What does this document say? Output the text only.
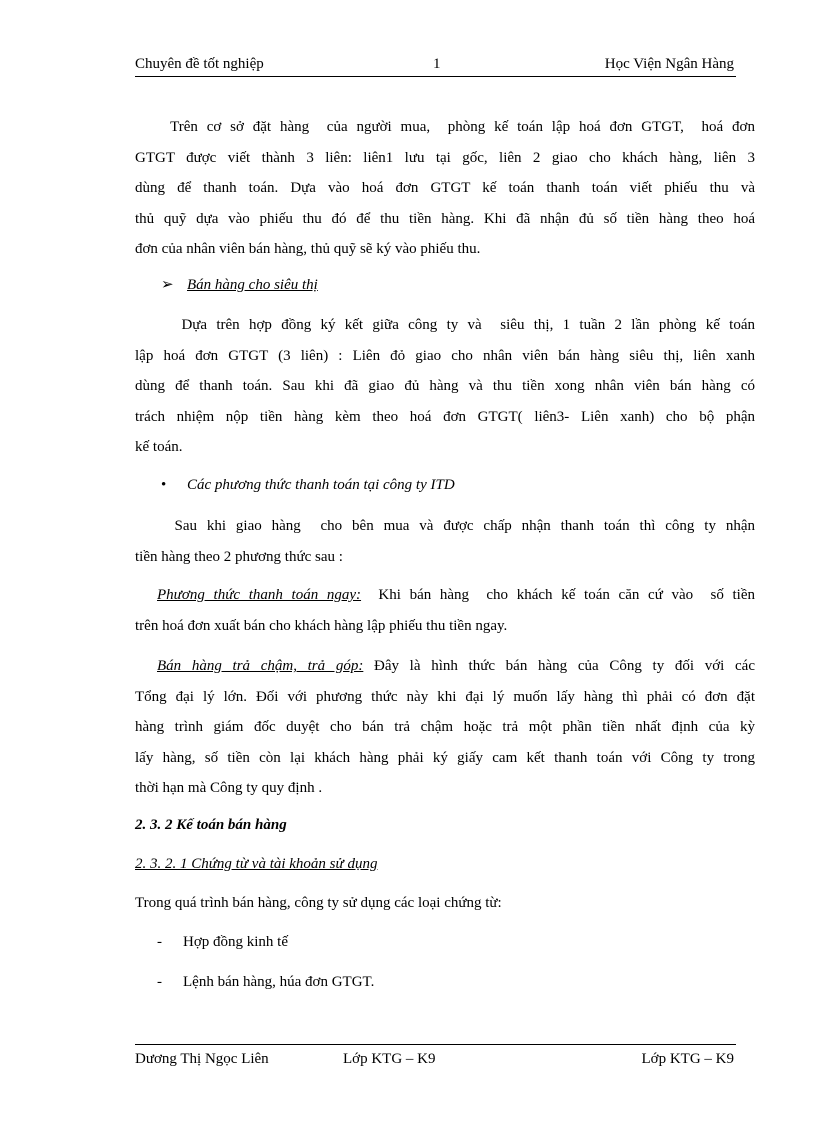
Chuyên đề tốt nghiệp	1	Học Viện Ngân Hàng
Trên cơ sở đặt hàng  của người mua,  phòng kế toán lập hoá đơn GTGT,  hoá đơn
GTGT được viết thành 3 liên: liên1 lưu tại gốc, liên 2 giao cho khách hàng, liên 3
dùng để thanh toán. Dựa vào hoá đơn GTGT kế toán thanh toán viết phiếu thu và
thủ quỹ dựa vào phiếu thu đó để thu tiền hàng. Khi đã nhận đủ số tiền hàng theo hoá
đơn của nhân viên bán hàng, thủ quỹ sẽ ký vào phiếu thu.
➢ Bán hàng cho siêu thị
Dựa trên hợp đồng ký kết giữa công ty và  siêu thị, 1 tuần 2 lần phòng kế toán
lập hoá đơn GTGT (3 liên) : Liên đỏ giao cho nhân viên bán hàng siêu thị, liên xanh
dùng để thanh toán. Sau khi đã giao đủ hàng và thu tiền xong nhân viên bán hàng có
trách nhiệm nộp tiền hàng kèm theo hoá đơn GTGT( liên3- Liên xanh) cho bộ phận
kế toán.
• Các phương thức thanh toán tại công ty ITD
Sau khi giao hàng  cho bên mua và được chấp nhận thanh toán thì công ty nhận
tiền hàng theo 2 phương thức sau :
Phương thức thanh toán ngay:  Khi bán hàng  cho khách kế toán căn cứ vào  số tiền
trên hoá đơn xuất bán cho khách hàng lập phiếu thu tiền ngay.
Bán hàng trả chậm, trả góp: Đây là hình thức bán hàng của Công ty đối với các
Tổng đại lý lớn. Đối với phương thức này khi đại lý muốn lấy hàng thì phải có đơn đặt
hàng trình giám đốc duyệt cho bán trả chậm hoặc trả một phần tiền nhất định của kỳ
lấy hàng, số tiền còn lại khách hàng phải ký giấy cam kết thanh toán với Công ty trong
thời hạn mà Công ty quy định .
2. 3. 2 Kế toán bán hàng
2. 3. 2. 1 Chứng từ và tài khoản sử dụng
Trong quá trình bán hàng, công ty sử dụng các loại chứng từ:
- Hợp đồng kinh tế
- Lệnh bán hàng, húa đơn GTGT.
Dương Thị Ngọc Liên	Lớp KTG – K9	Lớp KTG – K9
